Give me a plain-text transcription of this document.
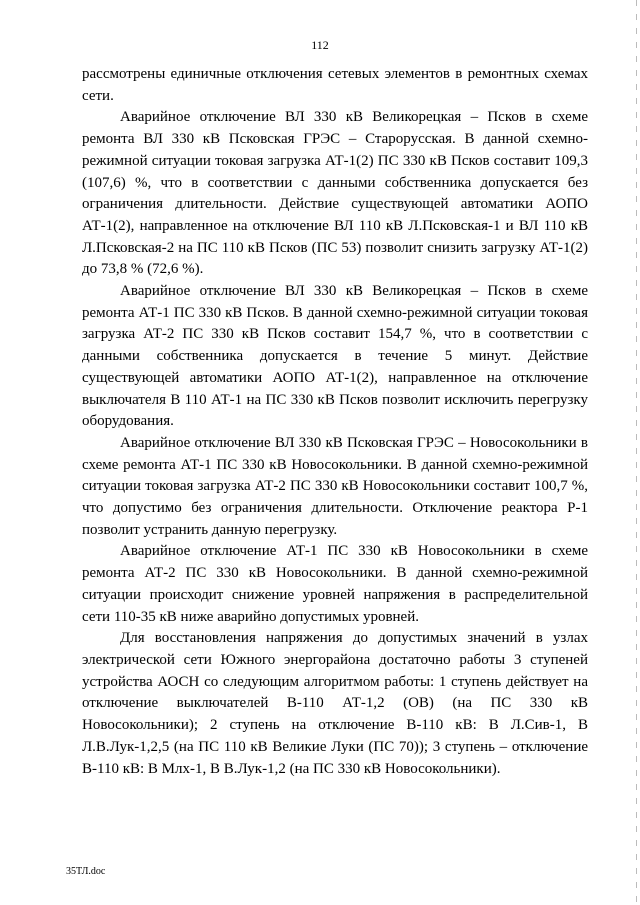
112

рассмотрены единичные отключения сетевых элементов в ремонтных схемах сети.

Аварийное отключение ВЛ 330 кВ Великорецкая – Псков в схеме ремонта ВЛ 330 кВ Псковская ГРЭС – Старорусская. В данной схемно-режимной ситуации токовая загрузка АТ-1(2) ПС 330 кВ Псков составит 109,3 (107,6) %, что в соответствии с данными собственника допускается без ограничения длительности. Действие существующей автоматики АОПО АТ-1(2), направленное на отключение ВЛ 110 кВ Л.Псковская-1 и ВЛ 110 кВ Л.Псковская-2 на ПС 110 кВ Псков (ПС 53) позволит снизить загрузку АТ-1(2) до 73,8 % (72,6 %).

Аварийное отключение ВЛ 330 кВ Великорецкая – Псков в схеме ремонта АТ-1 ПС 330 кВ Псков. В данной схемно-режимной ситуации токовая загрузка АТ-2 ПС 330 кВ Псков составит 154,7 %, что в соответствии с данными собственника допускается в течение 5 минут. Действие существующей автоматики АОПО АТ-1(2), направленное на отключение выключателя В 110 АТ-1 на ПС 330 кВ Псков позволит исключить перегрузку оборудования.

Аварийное отключение ВЛ 330 кВ Псковская ГРЭС – Новосокольники в схеме ремонта АТ-1 ПС 330 кВ Новосокольники. В данной схемно-режимной ситуации токовая загрузка АТ-2 ПС 330 кВ Новосокольники составит 100,7 %, что допустимо без ограничения длительности. Отключение реактора Р-1 позволит устранить данную перегрузку.

Аварийное отключение АТ-1 ПС 330 кВ Новосокольники в схеме ремонта АТ-2 ПС 330 кВ Новосокольники. В данной схемно-режимной ситуации происходит снижение уровней напряжения в распределительной сети 110-35 кВ ниже аварийно допустимых уровней.

Для восстановления напряжения до допустимых значений в узлах электрической сети Южного энергорайона достаточно работы 3 ступеней устройства АОСН со следующим алгоритмом работы: 1 ступень действует на отключение выключателей В-110 АТ-1,2 (ОВ) (на ПС 330 кВ Новосокольники); 2 ступень на отключение В-110 кВ: В Л.Сив-1, В Л.В.Лук-1,2,5 (на ПС 110 кВ Великие Луки (ПС 70)); 3 ступень – отключение В-110 кВ: В Млх-1, В В.Лук-1,2 (на ПС 330 кВ Новосокольники).

35ТЛ.doc
